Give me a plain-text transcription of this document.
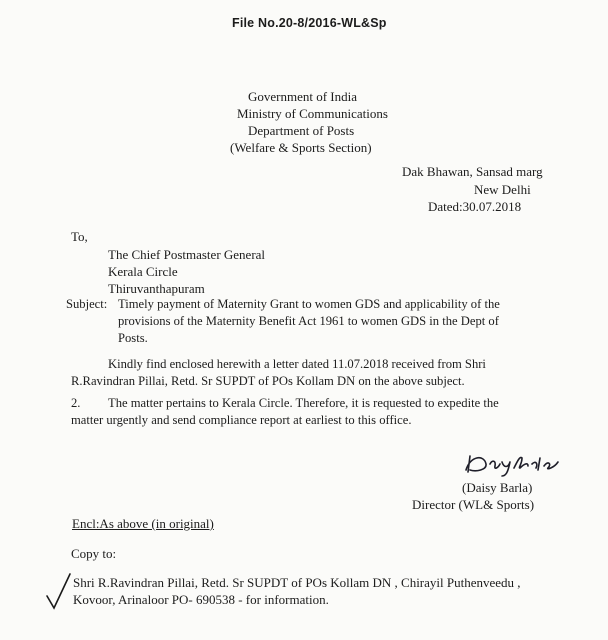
File No.20-8/2016-WL&Sp
Government of India
Ministry of Communications
Department of Posts
(Welfare & Sports Section)
Dak Bhawan, Sansad marg
New Delhi
Dated:30.07.2018
To,
The Chief Postmaster General
Kerala Circle
Thiruvanthapuram
Subject: Timely payment of Maternity Grant to women GDS and applicability of the
provisions of the Maternity Benefit Act 1961 to women GDS in the Dept of
Posts.
Kindly find enclosed herewith a letter dated 11.07.2018 received from Shri
R.Ravindran Pillai, Retd. Sr SUPDT of POs Kollam DN on the above subject.
2. The matter pertains to Kerala Circle. Therefore, it is requested to expedite the
matter urgently and send compliance report at earliest to this office.
(Daisy Barla)
Director (WL& Sports)
Encl:As above (in original)
Copy to:
Shri R.Ravindran Pillai, Retd. Sr SUPDT of POs Kollam DN , Chirayil Puthenveedu ,
Kovoor, Arinaloor PO- 690538 - for information.
